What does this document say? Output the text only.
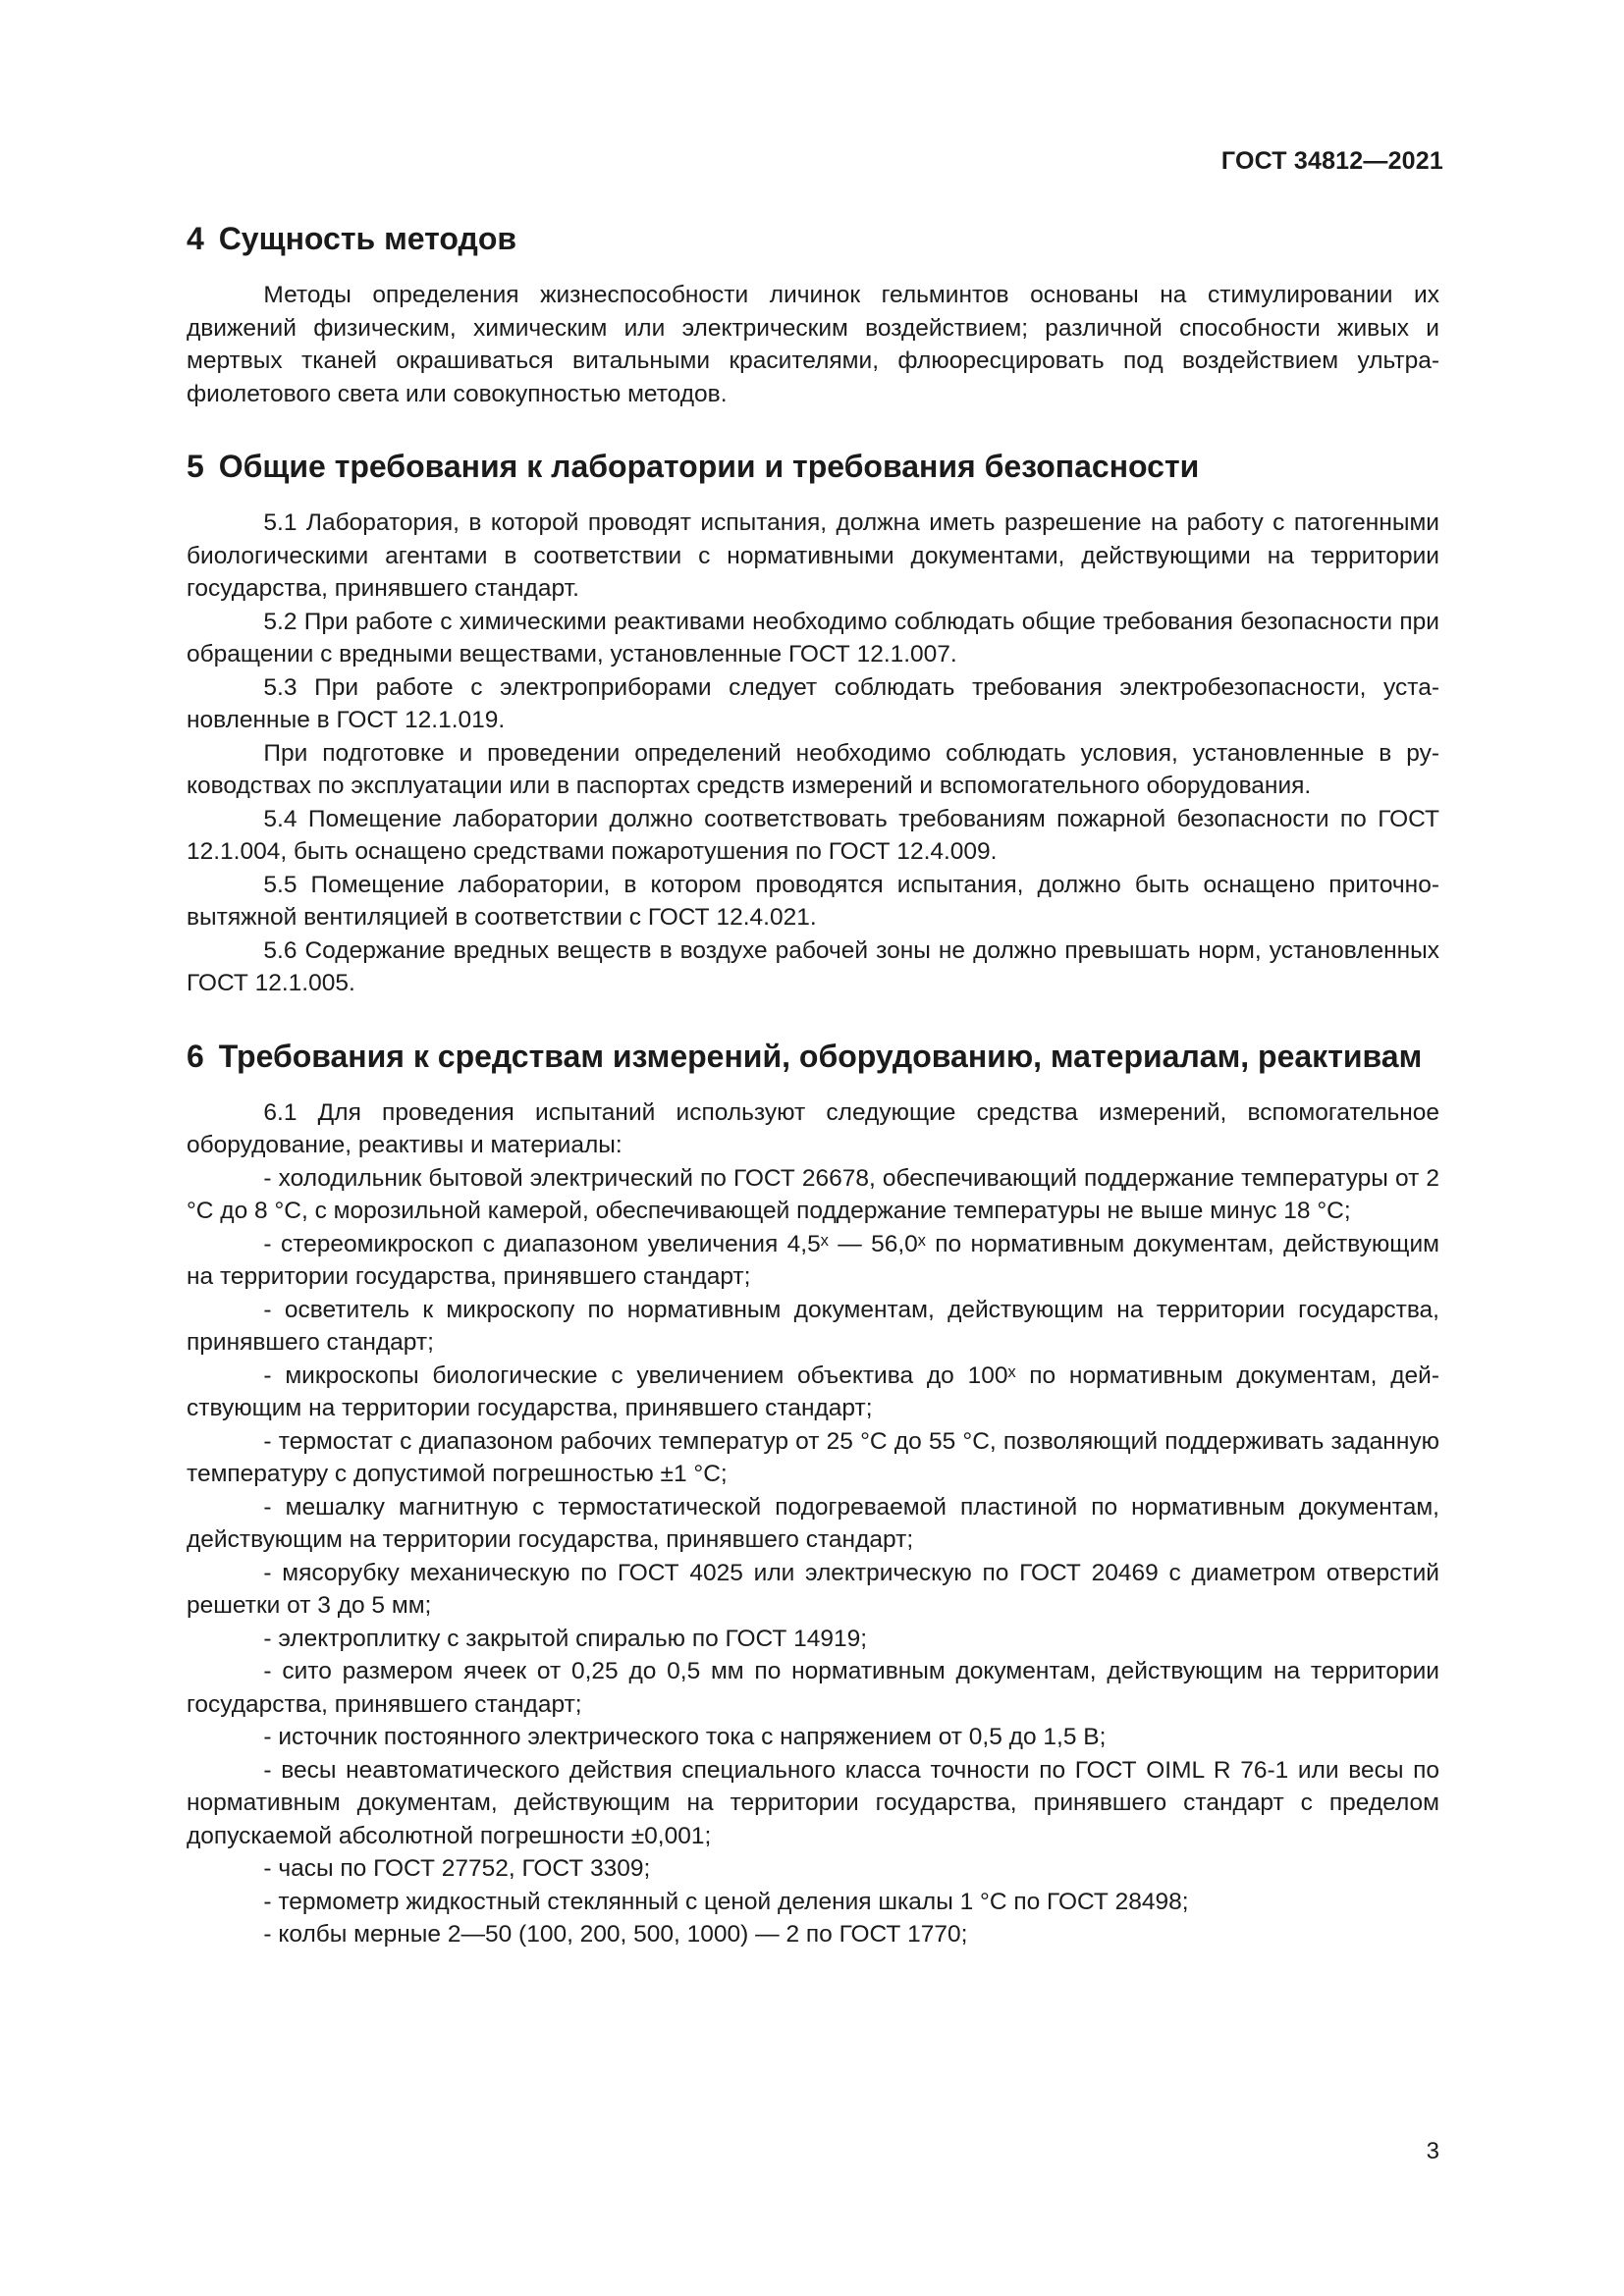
ГОСТ 34812—2021
4 Сущность методов

Методы определения жизнеспособности личинок гельминтов основаны на стимулировании их движений физическим, химическим или электрическим воздействием; различной способности живых и мертвых тканей окрашиваться витальными красителями, флюоресцировать под воздействием ультрафиолетового света или совокупностью методов.

5 Общие требования к лаборатории и требования безопасности

5.1 Лаборатория, в которой проводят испытания, должна иметь разрешение на работу с патогенными биологическими агентами в соответствии с нормативными документами, действующими на территории государства, принявшего стандарт.

5.2 При работе с химическими реактивами необходимо соблюдать общие требования безопасности при обращении с вредными веществами, установленные ГОСТ 12.1.007.

5.3 При работе с электроприборами следует соблюдать требования электробезопасности, установленные в ГОСТ 12.1.019.

При подготовке и проведении определений необходимо соблюдать условия, установленные в руководствах по эксплуатации или в паспортах средств измерений и вспомогательного оборудования.

5.4 Помещение лаборатории должно соответствовать требованиям пожарной безопасности по ГОСТ 12.1.004, быть оснащено средствами пожаротушения по ГОСТ 12.4.009.

5.5 Помещение лаборатории, в котором проводятся испытания, должно быть оснащено приточно-вытяжной вентиляцией в соответствии с ГОСТ 12.4.021.

5.6 Содержание вредных веществ в воздухе рабочей зоны не должно превышать норм, установленных ГОСТ 12.1.005.

6 Требования к средствам измерений, оборудованию, материалам, реактивам

6.1 Для проведения испытаний используют следующие средства измерений, вспомогательное оборудование, реактивы и материалы:

- холодильник бытовой электрический по ГОСТ 26678, обеспечивающий поддержание температуры от 2 °С до 8 °С, с морозильной камерой, обеспечивающей поддержание температуры не выше минус 18 °С;

- стереомикроскоп с диапазоном увеличения 4,5ˣ — 56,0ˣ по нормативным документам, действующим на территории государства, принявшего стандарт;

- осветитель к микроскопу по нормативным документам, действующим на территории государства, принявшего стандарт;

- микроскопы биологические с увеличением объектива до 100ˣ по нормативным документам, действующим на территории государства, принявшего стандарт;

- термостат с диапазоном рабочих температур от 25 °С до 55 °С, позволяющий поддерживать заданную температуру с допустимой погрешностью ±1 °С;

- мешалку магнитную с термостатической подогреваемой пластиной по нормативным документам, действующим на территории государства, принявшего стандарт;

- мясорубку механическую по ГОСТ 4025 или электрическую по ГОСТ 20469 с диаметром отверстий решетки от 3 до 5 мм;

- электроплитку с закрытой спиралью по ГОСТ 14919;

- сито размером ячеек от 0,25 до 0,5 мм по нормативным документам, действующим на территории государства, принявшего стандарт;

- источник постоянного электрического тока с напряжением от 0,5 до 1,5 В;

- весы неавтоматического действия специального класса точности по ГОСТ OIML R 76-1 или весы по нормативным документам, действующим на территории государства, принявшего стандарт с пределом допускаемой абсолютной погрешности ±0,001;

- часы по ГОСТ 27752, ГОСТ 3309;

- термометр жидкостный стеклянный с ценой деления шкалы 1 °С по ГОСТ 28498;

- колбы мерные 2—50 (100, 200, 500, 1000) — 2 по ГОСТ 1770;

3
